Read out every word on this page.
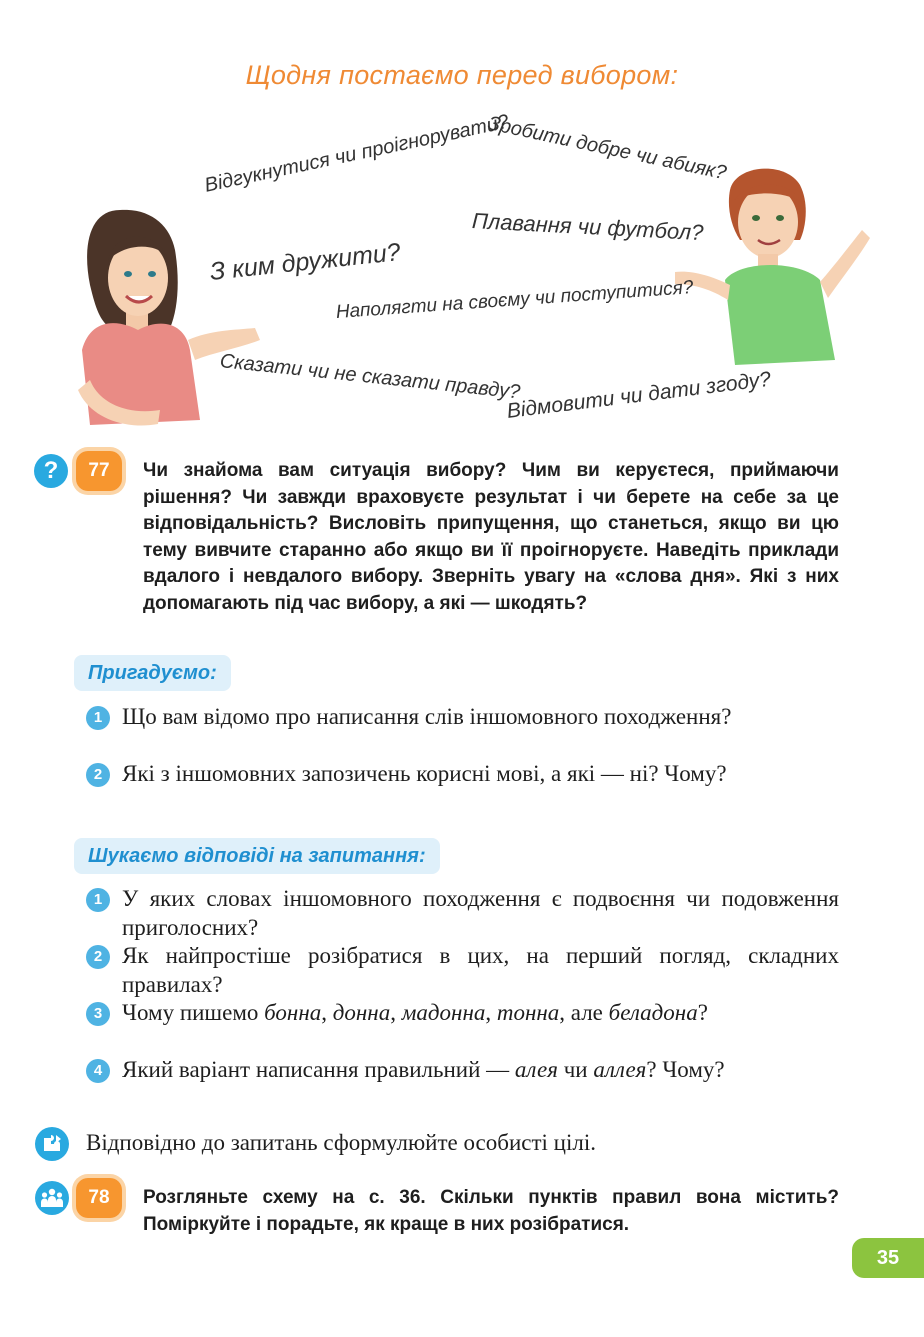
Щодня постаємо перед вибором:
Зробити добре чи абияк?
Відгукнутися чи проігнорувати?
Плавання чи футбол?
З ким дружити?
Наполягти на своєму чи поступитися?
Сказати чи не сказати правду?
Відмовити чи дати згоду?
?	77	Чи знайома вам ситуація вибору? Чим ви керуєтеся, приймаючи рішення? Чи завжди враховуєте результат і чи берете на себе за це відповідальність? Висловіть припущення, що станеться, якщо ви цю тему вивчите старанно або якщо ви її проігноруєте. Наведіть приклади вдалого і невдалого вибору. Зверніть увагу на «слова дня». Які з них допомагають під час вибору, а які — шкодять?
Пригадуємо:
1 Що вам відомо про написання слів іншомовного походження?
2 Які з іншомовних запозичень корисні мові, а які — ні? Чому?
Шукаємо відповіді на запитання:
1 У яких словах іншомовного походження є подвоєння чи подовження приголосних?
2 Як найпростіше розібратися в цих, на перший погляд, складних правилах?
3 Чому пишемо бонна, донна, мадонна, тонна, але беладона?
4 Який варіант написання правильний — алея чи аллея? Чому?
Відповідно до запитань сформулюйте особисті цілі.
78	Розгляньте схему на с. 36. Скільки пунктів правил вона містить? Поміркуйте і порадьте, як краще в них розібратися.
35
